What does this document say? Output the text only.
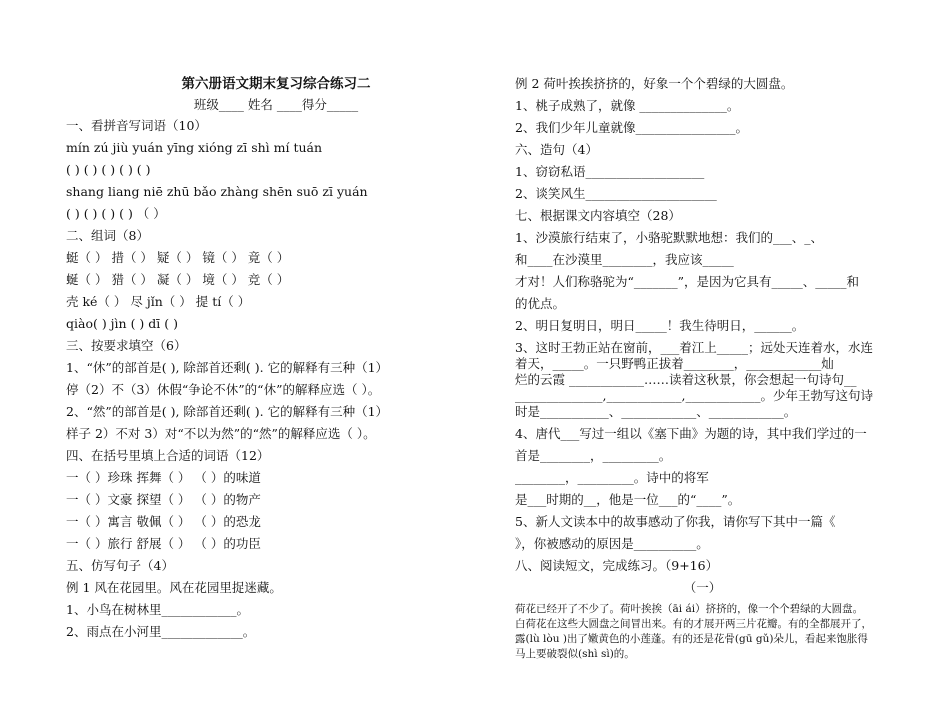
第六册语文期末复习综合练习二
班级____ 姓名 ____得分_____
一、看拼音写词语（10）
mín zú jiù yuán yīng xióng zī shì mí tuán
( ) ( ) ( ) ( ) ( )
shang liang niē zhū bǎo zhàng shēn suō zī yuán
( ) ( ) ( ) ( ) （ ）
二、组词（8）
蜓（ ） 措（ ） 疑（ ） 镜（ ） 竟（ ）
蜒（ ） 猎（ ） 凝（ ） 境（ ） 竞（ ）
壳 ké（ ） 尽 jǐn（ ） 提 tí（ ）
qiào( ) jìn ( ) dī ( )
三、按要求填空（6）
1、“休”的部首是( ), 除部首还剩( ). 它的解释有三种（1）
停（2）不（3）休假“争论不休”的“休”的解释应选（ ）。
2、“然”的部首是( ), 除部首还剩( ). 它的解释有三种（1）
样子 2）不对 3）对“不以为然”的“然”的解释应选（ ）。
四、在括号里填上合适的词语（12）
一（ ）珍珠 挥舞（ ） （ ）的味道
一（ ）文豪 探望（ ） （ ）的物产
一（ ）寓言 敬佩（ ） （ ）的恐龙
一（ ）旅行 舒展（ ） （ ）的功臣
五、仿写句子（4）
例 1 风在花园里。风在花园里捉迷藏。
1、小鸟在树林里____________。
2、雨点在小河里_____________。
例 2 荷叶挨挨挤挤的，好象一个个碧绿的大圆盘。
1、桃子成熟了，就像 ______________。
2、我们少年儿童就像________________。
六、造句（4）
1、窃窃私语___________________
2、谈笑风生_____________________
七、根据课文内容填空（28）
1、沙漠旅行结束了，小骆驼默默地想：我们的___、_、
和____在沙漠里________，我应该_____
才对！人们称骆驼为“_______”，是因为它具有_____、_____和
的优点。
2、明日复明日，明日_____！我生待明日，______。
3、这时王勃正站在窗前，___着江上_____；远处天连着水，水连
着天，_____。一只野鸭正拔着________，____________灿
烂的云霞 ____________……读着这秋景，你会想起一句诗句__
______________,____________,____________。少年王勃写这句诗
时是___________、____________、____________。
4、唐代___写过一组以《塞下曲》为题的诗，其中我们学过的一
首是________，_________。
________，_________。诗中的将军
是___时期的__，他是一位___的“____”。
5、新人文读本中的故事感动了你我，请你写下其中一篇《
》，你被感动的原因是__________。
八、阅读短文，完成练习。（9+16）
（一）
荷花已经开了不少了。荷叶挨挨（āi ái）挤挤的，像一个个碧绿的大圆盘。
白荷花在这些大圆盘之间冒出来。有的才展开两三片花瓣。有的全都展开了，
露(lù lòu )出了嫩黄色的小莲蓬。有的还是花骨(gū gǔ)朵儿，看起来饱胀得
马上要破裂似(shì sì)的。
